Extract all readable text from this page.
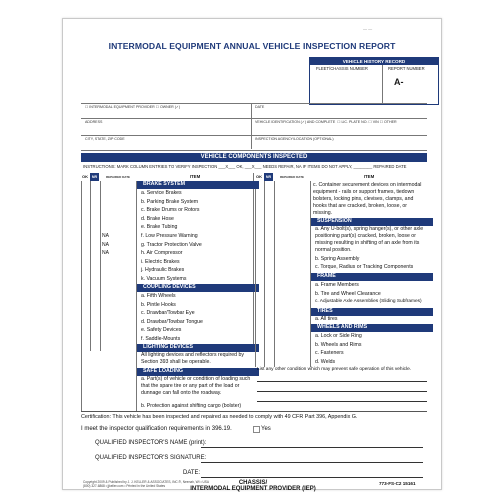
— —
INTERMODAL EQUIPMENT ANNUAL VEHICLE INSPECTION REPORT
VEHICLE HISTORY RECORD
FLEET/CHASSIS NUMBER	REPORT NUMBER
A-
☐ INTERMODAL EQUIPMENT PROVIDER ☐ OWNER (✓)	DATE
ADDRESS	VEHICLE IDENTIFICATION (✓) AND COMPLETE  ☐ LIC. PLATE NO. ☐ VIN ☐ OTHER
CITY, STATE, ZIP CODE	INSPECTION AGENCY/LOCATION (OPTIONAL)
VEHICLE COMPONENTS INSPECTED
INSTRUCTIONS: MARK COLUMN ENTRIES TO VERIFY INSPECTION ___X___ OK, ___X___ NEEDS REPAIR, NA IF ITEMS DO NOT APPLY, ________ REPAIRED DATE
OK	NR	REPAIRED DATE	ITEM	OK	NR	REPAIRED DATE	ITEM
BRAKE SYSTEM
a. Service Brakes
b. Parking Brake System
c. Brake Drums or Rotors
d. Brake Hose
e. Brake Tubing
NA	f. Low Pressure Warning
NA	g. Tractor Protection Valve
NA	h. Air Compressor
i. Electric Brakes
j. Hydraulic Brakes
k. Vacuum Systems
COUPLING DEVICES
a. Fifth Wheels
b. Pintle Hooks
c. Drawbar/Towbar Eye
d. Drawbar/Towbar Tongue
e. Safety Devices
f. Saddle-Mounts
LIGHTING DEVICES
All lighting devices and reflectors required by Section 393 shall be operable.
SAFE LOADING
a. Part(s) of vehicle or condition of loading such that the spare tire or any part of the load or dunnage can fall onto the roadway.
b. Protection against shifting cargo (bolster)
c. Container securement devices on intermodal equipment - rails or support frames, tiedown bolsters, locking pins, clevises, clamps, and hooks that are cracked, broken, loose, or missing.
SUSPENSION
a. Any U-bolt(s), spring hanger(s), or other axle positioning part(s) cracked, broken, loose or missing resulting in shifting of an axle from its normal position.
b. Spring Assembly
c. Torque, Radius or Tracking Components
FRAME
a. Frame Members
b. Tire and Wheel Clearance
c. Adjustable Axle Assemblies (Sliding Subframes)
TIRES
a. All tires
WHEELS AND RIMS
a. Lock or Side Ring
b. Wheels and Rims
c. Fasteners
d. Welds
List any other condition which may prevent safe operation of this vehicle.
Certification: This vehicle has been inspected and repaired as needed to comply with 49 CFR Part 396, Appendix G.
I meet the inspector qualification requirements in 396.19.	Yes
QUALIFIED INSPECTOR'S NAME (print):
QUALIFIED INSPECTOR'S SIGNATURE:
DATE:
Copyright 2009 & Published by J. J. KELLER & ASSOCIATES, INC.®, Neenah, WI • USA
(800) 327-6868 • jjkeller.com • Printed in the United States	773-FS-C2 15161
CHASSIS/
INTERMODAL EQUIPMENT PROVIDER (IEP)
